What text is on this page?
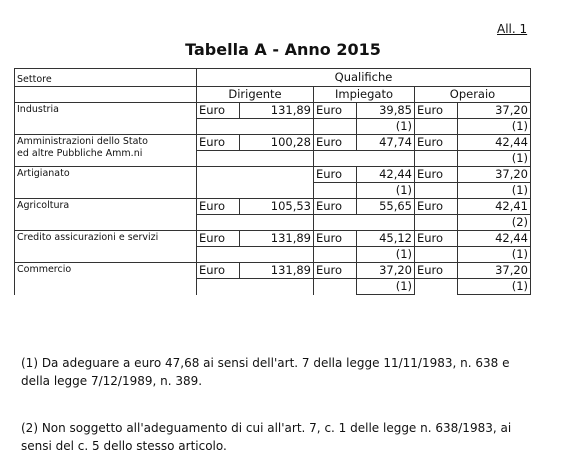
All. 1
Tabella A - Anno 2015
Settore	Qualifiche					
	Dirigente		Impiegato		Operaio	

Industria	Euro	131,89	Euro	39,85	Euro	37,20
				(1)		(1)

Amministrazioni dello Stato
ed altre Pubbliche Amm.ni	Euro	100,28	Euro	47,74	Euro	42,44
						(1)

Artigianato			Euro	42,44	Euro	37,20
				(1)		(1)

Agricoltura	Euro	105,53	Euro	55,65	Euro	42,41
						(2)

Credito assicurazioni e servizi	Euro	131,89	Euro	45,12	Euro	42,44
				(1)		(1)

Commercio	Euro	131,89	Euro	37,20	Euro	37,20
				(1)		(1)
(1) Da adeguare a euro 47,68 ai sensi dell'art. 7 della legge 11/11/1983, n. 638 e della legge 7/12/1989, n. 389.
(2) Non soggetto all'adeguamento di cui all'art. 7, c. 1 delle legge n. 638/1983, ai sensi del c. 5 dello stesso articolo.
